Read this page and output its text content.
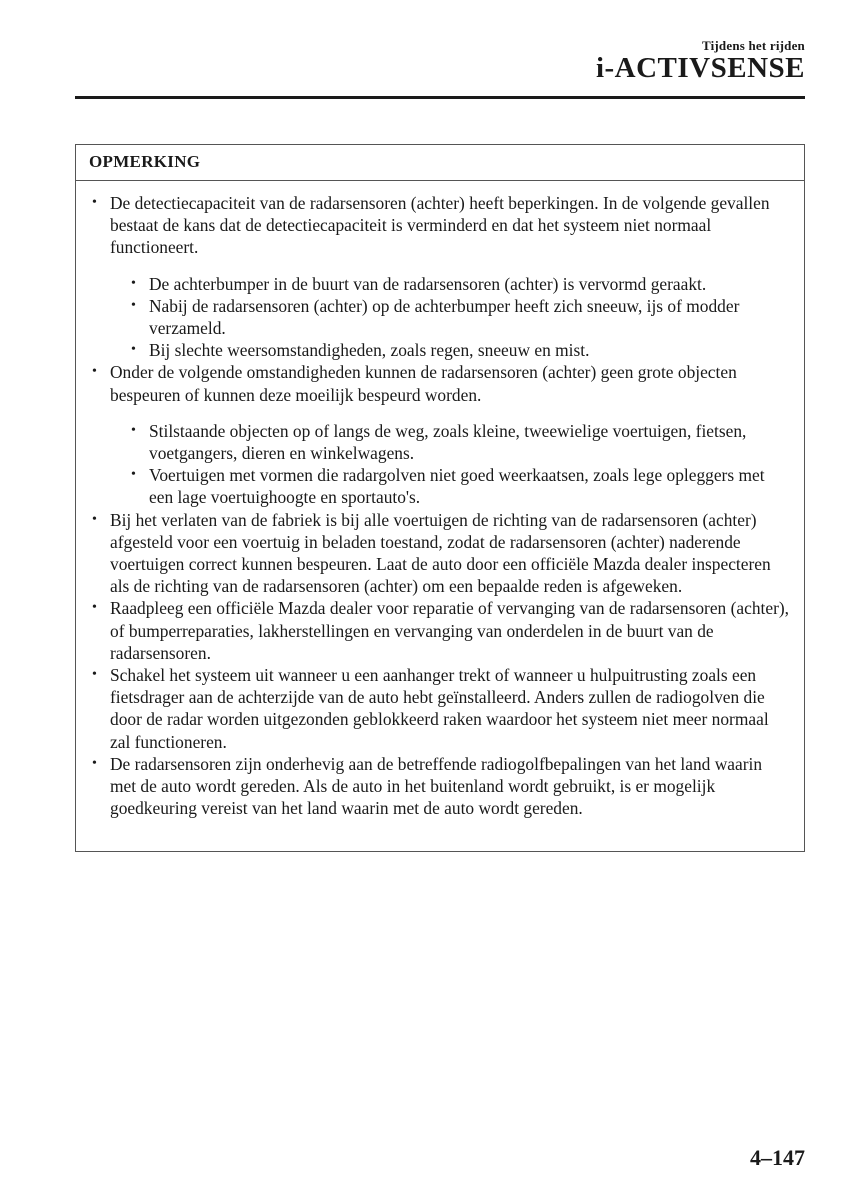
Tijdens het rijden
i-ACTIVSENSE
OPMERKING
• De detectiecapaciteit van de radarsensoren (achter) heeft beperkingen. In de volgende gevallen bestaat de kans dat de detectiecapaciteit is verminderd en dat het systeem niet normaal functioneert.
• De achterbumper in de buurt van de radarsensoren (achter) is vervormd geraakt.
• Nabij de radarsensoren (achter) op de achterbumper heeft zich sneeuw, ijs of modder verzameld.
• Bij slechte weersomstandigheden, zoals regen, sneeuw en mist.
• Onder de volgende omstandigheden kunnen de radarsensoren (achter) geen grote objecten bespeuren of kunnen deze moeilijk bespeurd worden.
• Stilstaande objecten op of langs de weg, zoals kleine, tweewielige voertuigen, fietsen, voetgangers, dieren en winkelwagens.
• Voertuigen met vormen die radargolven niet goed weerkaatsen, zoals lege opleggers met een lage voertuighoogte en sportauto's.
• Bij het verlaten van de fabriek is bij alle voertuigen de richting van de radarsensoren (achter) afgesteld voor een voertuig in beladen toestand, zodat de radarsensoren (achter) naderende voertuigen correct kunnen bespeuren. Laat de auto door een officiële Mazda dealer inspecteren als de richting van de radarsensoren (achter) om een bepaalde reden is afgeweken.
• Raadpleeg een officiële Mazda dealer voor reparatie of vervanging van de radarsensoren (achter), of bumperreparaties, lakherstellingen en vervanging van onderdelen in de buurt van de radarsensoren.
• Schakel het systeem uit wanneer u een aanhanger trekt of wanneer u hulpuitrusting zoals een fietsdrager aan de achterzijde van de auto hebt geïnstalleerd. Anders zullen de radiogolven die door de radar worden uitgezonden geblokkeerd raken waardoor het systeem niet meer normaal zal functioneren.
• De radarsensoren zijn onderhevig aan de betreffende radiogolfbepalingen van het land waarin met de auto wordt gereden. Als de auto in het buitenland wordt gebruikt, is er mogelijk goedkeuring vereist van het land waarin met de auto wordt gereden.
4–147
